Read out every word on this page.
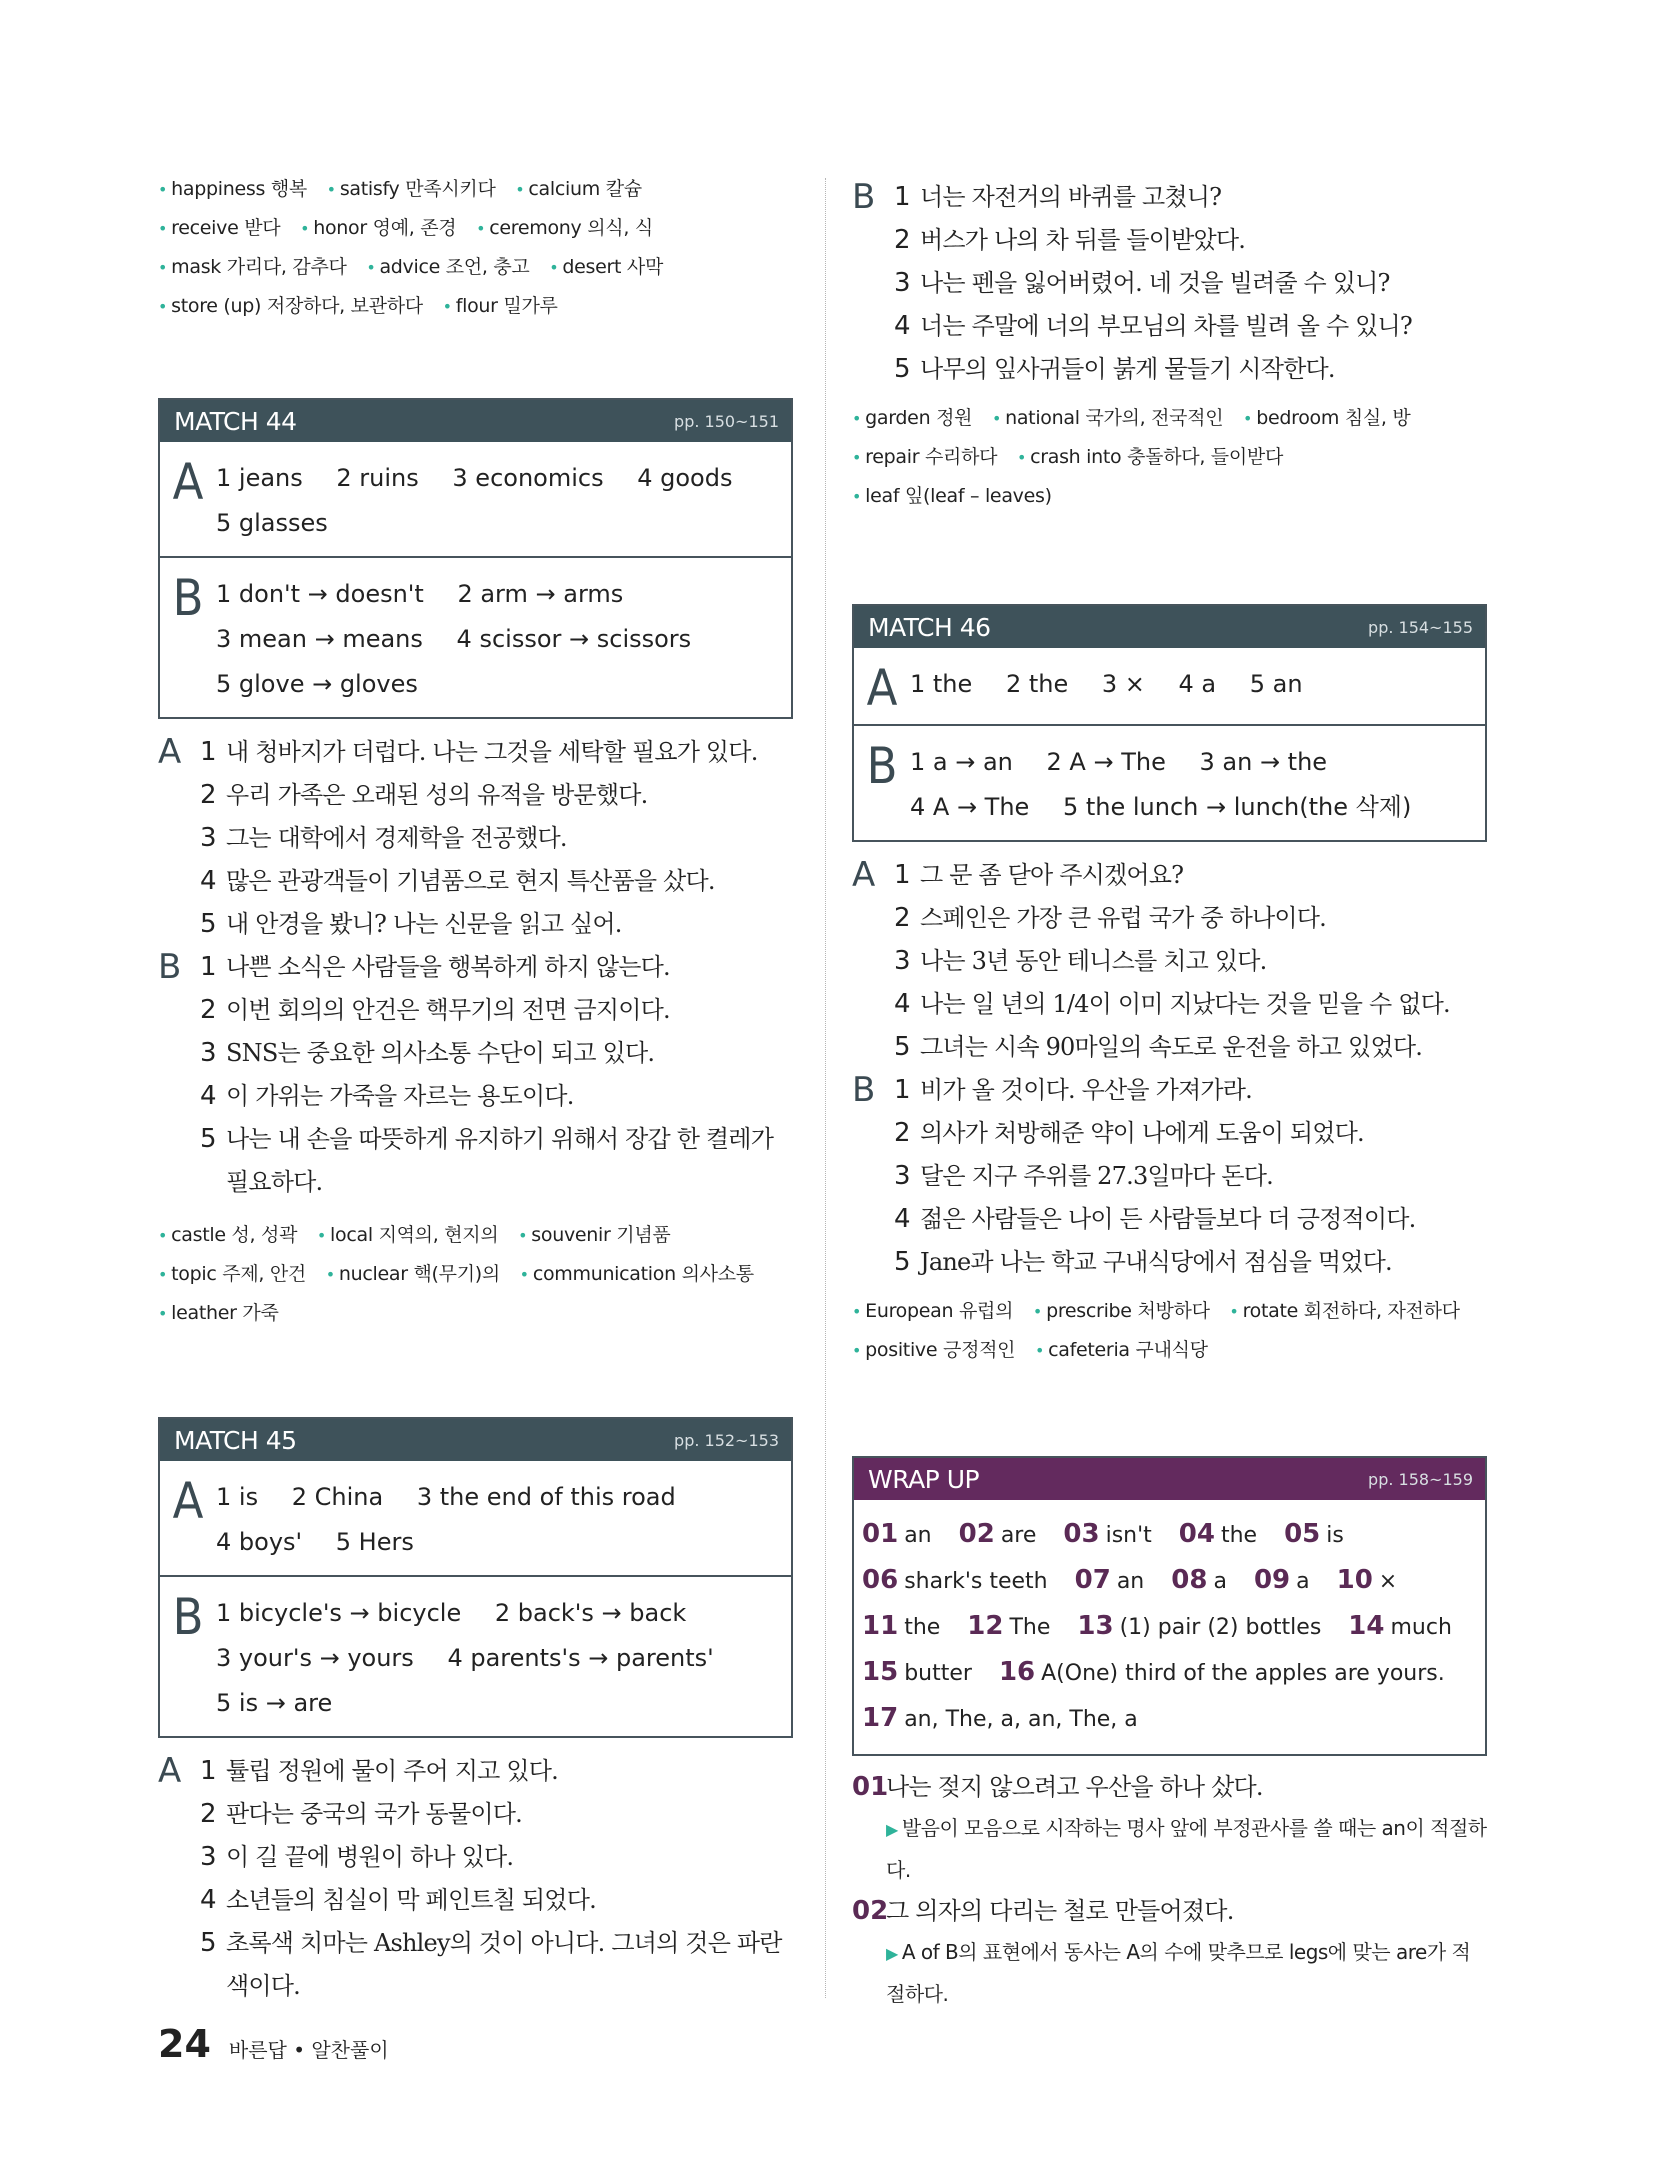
• happiness 행복 • satisfy 만족시키다 • calcium 칼슘 • receive 받다 • honor 영예, 존경 • ceremony 의식, 식 • mask 가리다, 감추다 • advice 조언, 충고 • desert 사막 • store (up) 저장하다, 보관하다 • flour 밀가루
MATCH 44	pp. 150~151
A 1 jeans 2 ruins 3 economics 4 goods 5 glasses
B 1 don't → doesn't 2 arm → arms 3 mean → means 4 scissor → scissors 5 glove → gloves
A 1 내 청바지가 더럽다. 나는 그것을 세탁할 필요가 있다.
2 우리 가족은 오래된 성의 유적을 방문했다.
3 그는 대학에서 경제학을 전공했다.
4 많은 관광객들이 기념품으로 현지 특산품을 샀다.
5 내 안경을 봤니? 나는 신문을 읽고 싶어.
B 1 나쁜 소식은 사람들을 행복하게 하지 않는다.
2 이번 회의의 안건은 핵무기의 전면 금지이다.
3 SNS는 중요한 의사소통 수단이 되고 있다.
4 이 가위는 가죽을 자르는 용도이다.
5 나는 내 손을 따뜻하게 유지하기 위해서 장갑 한 켤레가 필요하다.
• castle 성, 성곽 • local 지역의, 현지의 • souvenir 기념품 • topic 주제, 안건 • nuclear 핵(무기)의 • communication 의사소통 • leather 가죽
MATCH 45	pp. 152~153
A 1 is 2 China 3 the end of this road 4 boys' 5 Hers
B 1 bicycle's → bicycle 2 back's → back 3 your's → yours 4 parents's → parents' 5 is → are
A 1 튤립 정원에 물이 주어 지고 있다.
2 판다는 중국의 국가 동물이다.
3 이 길 끝에 병원이 하나 있다.
4 소년들의 침실이 막 페인트칠 되었다.
5 초록색 치마는 Ashley의 것이 아니다. 그녀의 것은 파란색이다.
B 1 너는 자전거의 바퀴를 고쳤니?
2 버스가 나의 차 뒤를 들이받았다.
3 나는 펜을 잃어버렸어. 네 것을 빌려줄 수 있니?
4 너는 주말에 너의 부모님의 차를 빌려 올 수 있니?
5 나무의 잎사귀들이 붉게 물들기 시작한다.
• garden 정원 • national 국가의, 전국적인 • bedroom 침실, 방 • repair 수리하다 • crash into 충돌하다, 들이받다 • leaf 잎(leaf – leaves)
MATCH 46	pp. 154~155
A 1 the 2 the 3 × 4 a 5 an
B 1 a → an 2 A → The 3 an → the 4 A → The 5 the lunch → lunch(the 삭제)
A 1 그 문 좀 닫아 주시겠어요?
2 스페인은 가장 큰 유럽 국가 중 하나이다.
3 나는 3년 동안 테니스를 치고 있다.
4 나는 일 년의 1/4이 이미 지났다는 것을 믿을 수 없다.
5 그녀는 시속 90마일의 속도로 운전을 하고 있었다.
B 1 비가 올 것이다. 우산을 가져가라.
2 의사가 처방해준 약이 나에게 도움이 되었다.
3 달은 지구 주위를 27.3일마다 돈다.
4 젊은 사람들은 나이 든 사람들보다 더 긍정적이다.
5 Jane과 나는 학교 구내식당에서 점심을 먹었다.
• European 유럽의 • prescribe 처방하다 • rotate 회전하다, 자전하다 • positive 긍정적인 • cafeteria 구내식당
WRAP UP	pp. 158~159
01 an 02 are 03 isn't 04 the 05 is 06 shark's teeth 07 an 08 a 09 a 10 × 11 the 12 The 13 (1) pair (2) bottles 14 much 15 butter 16 A(One) third of the apples are yours. 17 an, The, a, an, The, a
01
나는 젖지 않으려고 우산을 하나 샀다.
▶ 발음이 모음으로 시작하는 명사 앞에 부정관사를 쓸 때는 an이 적절하다.
02
그 의자의 다리는 철로 만들어졌다.
▶ A of B의 표현에서 동사는 A의 수에 맞추므로 legs에 맞는 are가 적절하다.
24 바른답 • 알찬풀이
